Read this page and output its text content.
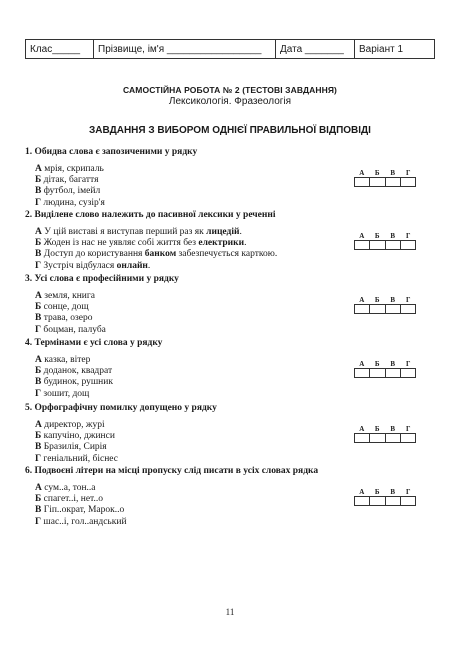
Клас_____	Прізвище, ім'я _________________	Дата _______	Варіант 1
САМОСТІЙНА РОБОТА № 2 (ТЕСТОВІ ЗАВДАННЯ)
Лексикологія. Фразеологія
ЗАВДАННЯ З ВИБОРОМ ОДНІЄЇ ПРАВИЛЬНОЇ ВІДПОВІДІ
1. Обидва слова є запозиченими у рядку
А мрія, скрипаль
Б дітак, багаття
В футбол, імейл
Г людина, сузір'я
А	Б	В	Г
2. Виділене слово належить до пасивної лексики у реченні
А У цій виставі я виступав перший раз як лицедій.
Б Жоден із нас не уявляє собі життя без електрики.
В Доступ до користування банком забезпечується карткою.
Г Зустріч відбулася онлайн.
А	Б	В	Г
3. Усі слова є професійними у рядку
А земля, книга
Б сонце, дощ
В трава, озеро
Г боцман, палуба
А	Б	В	Г
4. Термінами є усі слова у рядку
А казка, вітер
Б доданок, квадрат
В будинок, рушник
Г зошит, дощ
А	Б	В	Г
5. Орфографічну помилку допущено у рядку
А директор, журі
Б капучіно, джинси
В Бразилія, Сирія
Г геніальний, біснес
А	Б	В	Г
6. Подвоєні літери на місці пропуску слід писати в усіх словах рядка
А сум..а, тон..а
Б спагет..і, нет..о
В Гіп..ократ, Марок..о
Г шас..і, гол..андський
А	Б	В	Г
11
